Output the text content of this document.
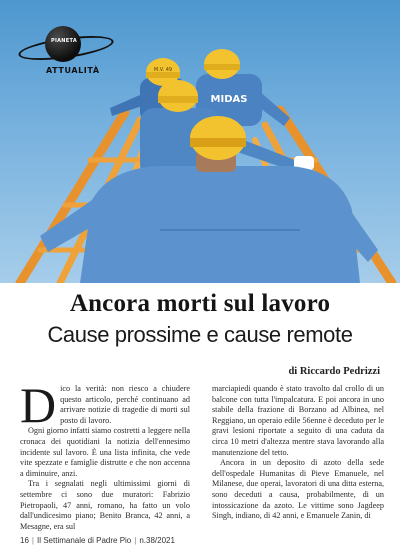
M.V. 49
MIDAS
PIANETA
ATTUALITÀ
Ancora morti sul lavoro
Cause prossime e cause remote
di Riccardo Pedrizzi
D ico la verità: non riesco a chiudere questo articolo, perché continuano ad arrivare notizie di tragedie di morti sul posto di lavoro.

Ogni giorno infatti siamo costretti a leggere nella cronaca dei quotidiani la notizia dell'ennesimo incidente sul lavoro. È una lista infinita, che vede vite spezzate e famiglie distrutte e che non accenna a diminuire, anzi.

Tra i segnalati negli ultimissimi giorni di settembre ci sono due muratori: Fabrizio Pietropaoli, 47 anni, romano, ha fatto un volo dall'undicesimo piano; Benito Branca, 42 anni, a Mesagne, era sul

marciapiedi quando è stato travolto dal crollo di un balcone con tutta l'impalcatura. E poi ancora in uno stabile della frazione di Borzano ad Albinea, nel Reggiano, un operaio edile 56enne è deceduto per le gravi lesioni riportate a seguito di una caduta da circa 10 metri d'altezza mentre stava lavorando alla manutenzione del tetto.

Ancora in un deposito di azoto della sede dell'ospedale Humanitas di Pieve Emanuele, nel Milanese, due operai, lavoratori di una ditta esterna, sono deceduti a causa, probabilmente, di un intossicazione da azoto. Le vittime sono Jagdeep Singh, indiano, di 42 anni, e Emanuele Zanin, di

16 | Il Settimanale di Padre Pio | n.38/2021
